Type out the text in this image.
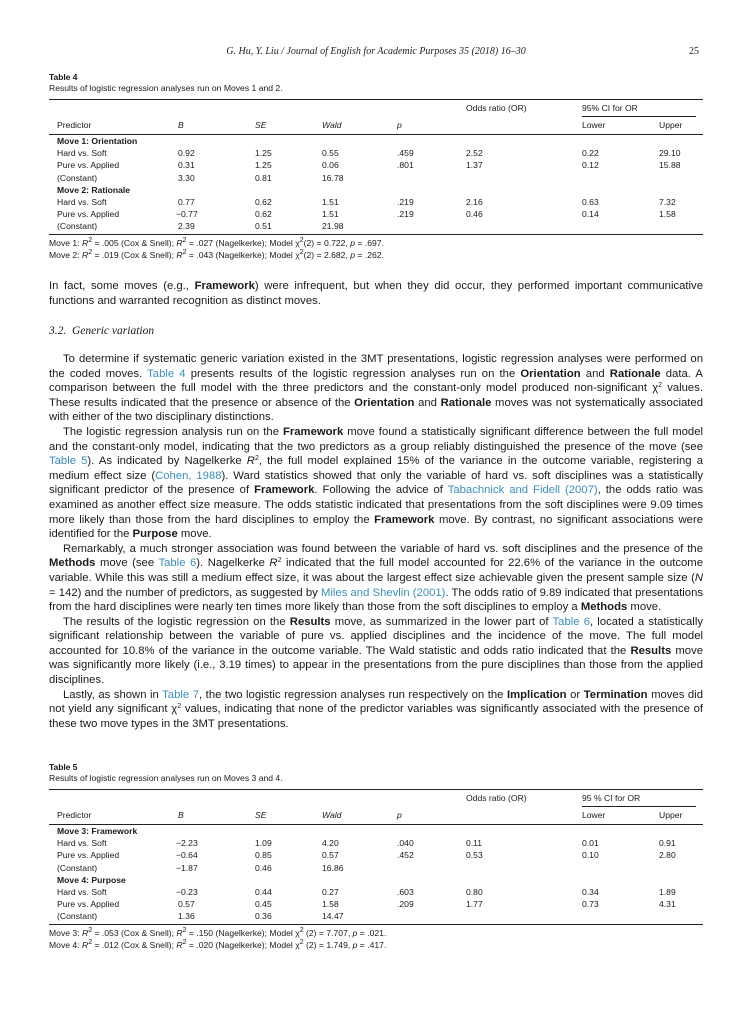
G. Hu, Y. Liu / Journal of English for Academic Purposes 35 (2018) 16–30	25
Table 4
Results of logistic regression analyses run on Moves 1 and 2.
Odds ratio (OR)	95% CI for OR
Predictor	B	SE	Wald	p	Lower	Upper
Move 1: Orientation
Hard vs. Soft	0.92	1.25	0.55	.459	2.52	0.22	29.10
Pure vs. Applied	0.31	1.25	0.06	.801	1.37	0.12	15.88
(Constant)	3.30	0.81	16.78
Move 2: Rationale
Hard vs. Soft	0.77	0.62	1.51	.219	2.16	0.63	7.32
Pure vs. Applied	−0.77	0.62	1.51	.219	0.46	0.14	1.58
(Constant)	2.39	0.51	21.98
Move 1: $R^2 = .005$ (Cox & Snell); $R^2 = .027$ (Nagelkerke); Model $\chi^2(2) = 0.722$, p = .697.
Move 2: $R^2 = .019$ (Cox & Snell); $R^2 = .043$ (Nagelkerke); Model $\chi^2(2) = 2.682$, p = .262.

In fact, some moves (e.g., Framework) were infrequent, but when they did occur, they performed important communicative functions and warranted recognition as distinct moves.

3.2. Generic variation

To determine if systematic generic variation existed in the 3MT presentations, logistic regression analyses were performed on the coded moves. Table 4 presents results of the logistic regression analyses run on the Orientation and Rationale data. A comparison between the full model with the three predictors and the constant-only model produced non-significant $\chi^2$ values. These results indicated that the presence or absence of the Orientation and Rationale moves was not systematically associated with either of the two disciplinary distinctions.

The logistic regression analysis run on the Framework move found a statistically significant difference between the full model and the constant-only model, indicating that the two predictors as a group reliably distinguished the presence of the move (see Table 5). As indicated by Nagelkerke $R^2$, the full model explained 15% of the variance in the outcome variable, registering a medium effect size (Cohen, 1988). Ward statistics showed that only the variable of hard vs. soft disciplines was a statistically significant predictor of the presence of Framework. Following the advice of Tabachnick and Fidell (2007), the odds ratio was examined as another effect size measure. The odds statistic indicated that presentations from the soft disciplines were 9.09 times more likely than those from the hard disciplines to employ the Framework move. By contrast, no significant associations were identified for the Purpose move.

Remarkably, a much stronger association was found between the variable of hard vs. soft disciplines and the presence of the Methods move (see Table 6). Nagelkerke $R^2$ indicated that the full model accounted for 22.6% of the variance in the outcome variable. While this was still a medium effect size, it was about the largest effect size achievable given the present sample size (N = 142) and the number of predictors, as suggested by Miles and Shevlin (2001). The odds ratio of 9.89 indicated that presentations from the hard disciplines were nearly ten times more likely than those from the soft disciplines to employ a Methods move.

The results of the logistic regression on the Results move, as summarized in the lower part of Table 6, located a statistically significant relationship between the variable of pure vs. applied disciplines and the incidence of the move. The full model accounted for 10.8% of the variance in the outcome variable. The Wald statistic and odds ratio indicated that the Results move was significantly more likely (i.e., 3.19 times) to appear in the presentations from the pure disciplines than those from the applied disciplines.

Lastly, as shown in Table 7, the two logistic regression analyses run respectively on the Implication or Termination moves did not yield any significant $\chi^2$ values, indicating that none of the predictor variables was significantly associated with the presence of these two move types in the 3MT presentations.

Table 5
Results of logistic regression analyses run on Moves 3 and 4.
Odds ratio (OR)	95 % CI for OR
Predictor	B	SE	Wald	p	Lower	Upper
Move 3: Framework
Hard vs. Soft	−2.23	1.09	4.20	.040	0.11	0.01	0.91
Pure vs. Applied	−0.64	0.85	0.57	.452	0.53	0.10	2.80
(Constant)	−1.87	0.46	16.86
Move 4: Purpose
Hard vs. Soft	−0.23	0.44	0.27	.603	0.80	0.34	1.89
Pure vs. Applied	0.57	0.45	1.58	.209	1.77	0.73	4.31
(Constant)	1.36	0.36	14.47
Move 3: $R^2 = .053$ (Cox & Snell); $R^2 = .150$ (Nagelkerke); Model $\chi^2$ (2) = 7.707, p = .021.
Move 4: $R^2 = .012$ (Cox & Snell); $R^2 = .020$ (Nagelkerke); Model $\chi^2$ (2) = 1.749, p = .417.
